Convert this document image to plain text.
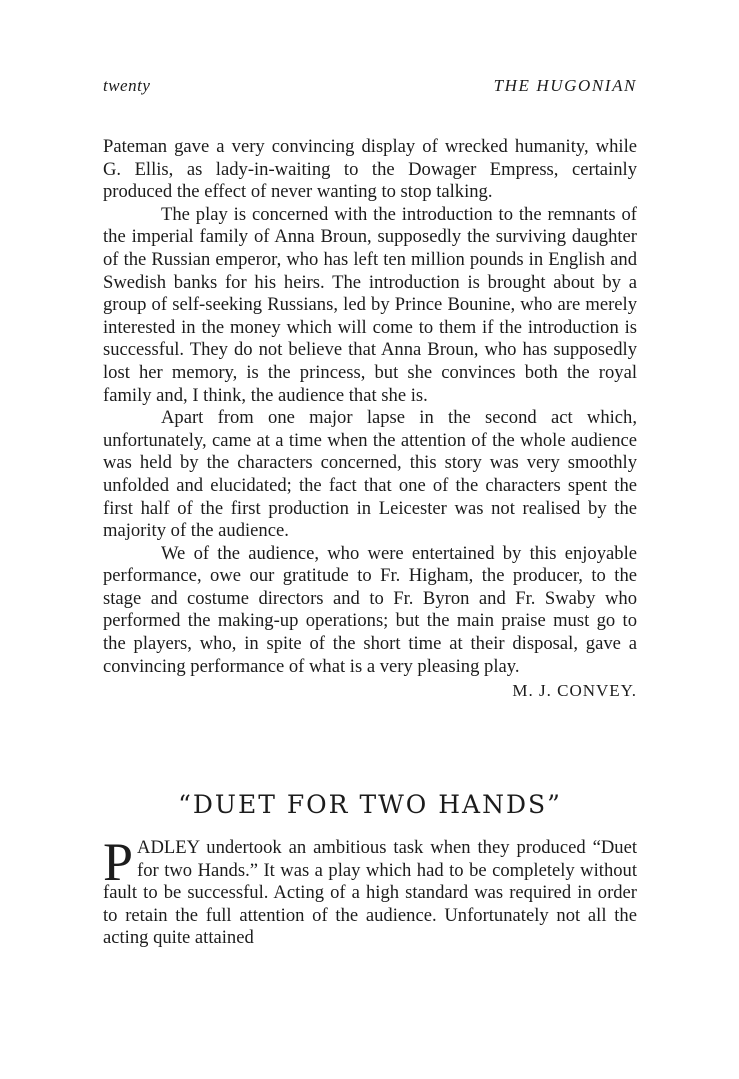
twenty	THE HUGONIAN

Pateman gave a very convincing display of wrecked humanity, while G. Ellis, as lady-in-waiting to the Dowager Empress, certainly produced the effect of never wanting to stop talking.

The play is concerned with the introduction to the remnants of the imperial family of Anna Broun, supposedly the surviving daughter of the Russian emperor, who has left ten million pounds in English and Swedish banks for his heirs. The introduction is brought about by a group of self-seeking Russians, led by Prince Bounine, who are merely interested in the money which will come to them if the introduction is successful. They do not believe that Anna Broun, who has supposedly lost her memory, is the princess, but she convinces both the royal family and, I think, the audience that she is.

Apart from one major lapse in the second act which, unfortunately, came at a time when the attention of the whole audience was held by the characters concerned, this story was very smoothly unfolded and elucidated; the fact that one of the characters spent the first half of the first production in Leicester was not realised by the majority of the audience.

We of the audience, who were entertained by this enjoyable performance, owe our gratitude to Fr. Higham, the producer, to the stage and costume directors and to Fr. Byron and Fr. Swaby who performed the making-up operations; but the main praise must go to the players, who, in spite of the short time at their disposal, gave a convincing performance of what is a very pleasing play.

M. J. CONVEY.

“DUET FOR TWO HANDS”

PADLEY undertook an ambitious task when they produced “Duet for two Hands.” It was a play which had to be completely without fault to be successful. Acting of a high standard was required in order to retain the full attention of the audience. Unfortunately not all the acting quite attained
